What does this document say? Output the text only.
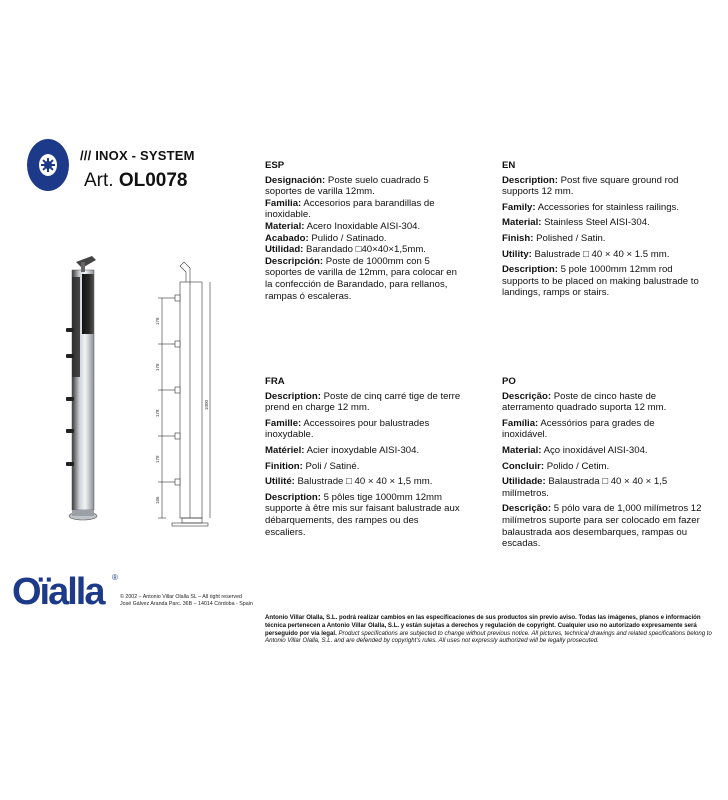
/// INOX - SYSTEM
Art. OL0078
178
178
178
178
166
1000
ESP

Designación: Poste suelo cuadrado 5 soportes de varilla 12mm.

Familia: Accesorios para barandillas de inoxidable.

Material: Acero Inoxidable AISI-304.

Acabado: Pulido / Satinado.

Utilidad: Barandado □40×40×1,5mm.

Descripción: Poste de 1000mm con 5 soportes de varilla de 12mm, para colocar en la confección de Barandado, para rellanos, rampas ó escaleras.

EN

Description: Post five square ground rod supports 12 mm.

Family: Accessories for stainless railings.

Material: Stainless Steel AISI-304.

Finish: Polished / Satin.

Utility: Balustrade □ 40 × 40 × 1.5 mm.

Description: 5 pole 1000mm 12mm rod supports to be placed on making balustrade to landings, ramps or stairs.

FRA

Description: Poste de cinq carré tige de terre prend en charge 12 mm.

Famille: Accessoires pour balustrades inoxydable.

Matériel: Acier inoxydable AISI-304.

Finition: Poli / Satiné.

Utilité: Balustrade □ 40 × 40 × 1,5 mm.

Description: 5 pôles tige 1000mm 12mm supporte à être mis sur faisant balustrade aux débarquements, des rampes ou des escaliers.

PO

Descrição: Poste de cinco haste de aterramento quadrado suporta 12 mm.

Família: Acessórios para grades de inoxidável.

Material: Aço inoxidável AISI-304.

Concluir: Polido / Cetim.

Utilidade: Balaustrada □ 40 × 40 × 1,5 milímetros.

Descrição: 5 pólo vara de 1,000 milímetros 12 milímetros suporte para ser colocado em fazer balaustrada aos desembarques, rampas ou escadas.

Oïalla	®
© 2002 – Antonio Villar Olalla SL – All right reserved
José Gálvez Aranda Parc. 36B – 14014 Córdoba - Spain
Antonio Villar Olalla, S.L. podrá realizar cambios en las especificaciones de sus productos sin previo aviso. Todas las imágenes, planos e información técnica pertenecen a Antonio Villar Olalla, S.L. y están sujetas a derechos y regulación de copyright. Cualquier uso no autorizado expresamente será perseguido por vía legal. Product specifications are subjected to change without previous notice. All pictures, technical drawings and related specifications belong to Antonio Villar Olalla, S.L. and are defended by copyright's rules. All uses not expressly authorized will be legally prosecuted.
